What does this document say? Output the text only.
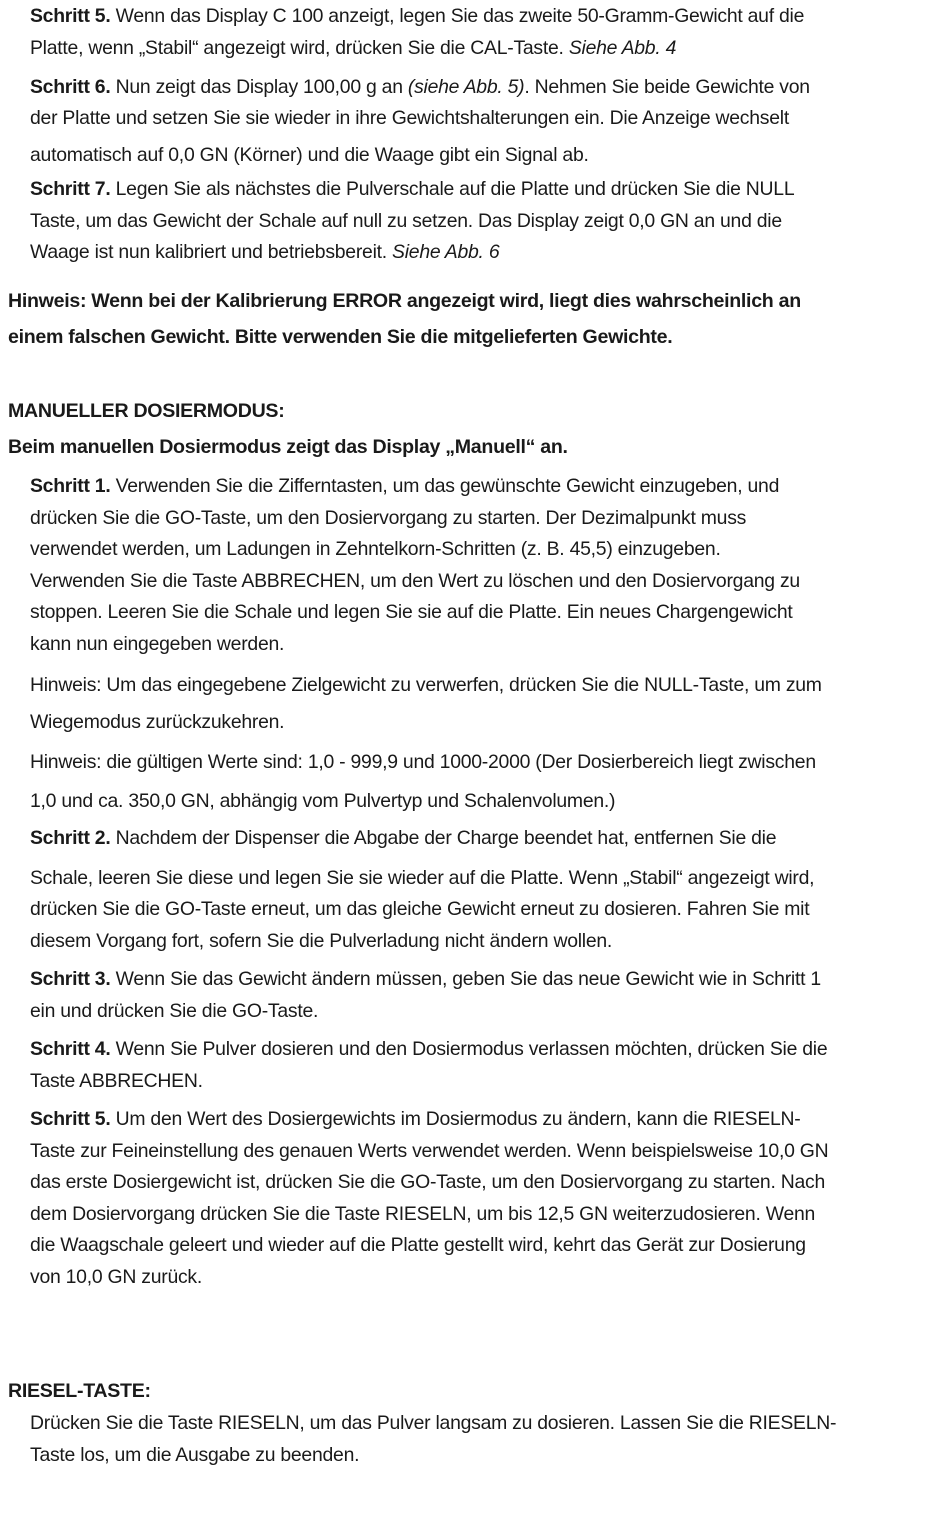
Schritt 5. Wenn das Display C 100 anzeigt, legen Sie das zweite 50-Gramm-Gewicht auf die
Platte, wenn „Stabil“ angezeigt wird, drücken Sie die CAL-Taste. Siehe Abb. 4

Schritt 6. Nun zeigt das Display 100,00 g an (siehe Abb. 5). Nehmen Sie beide Gewichte von
der Platte und setzen Sie sie wieder in ihre Gewichtshalterungen ein. Die Anzeige wechselt
automatisch auf 0,0 GN (Körner) und die Waage gibt ein Signal ab.

Schritt 7. Legen Sie als nächstes die Pulverschale auf die Platte und drücken Sie die NULL
Taste, um das Gewicht der Schale auf null zu setzen. Das Display zeigt 0,0 GN an und die
Waage ist nun kalibriert und betriebsbereit. Siehe Abb. 6

Hinweis: Wenn bei der Kalibrierung ERROR angezeigt wird, liegt dies wahrscheinlich an
einem falschen Gewicht. Bitte verwenden Sie die mitgelieferten Gewichte.

MANUELLER DOSIERMODUS:

Beim manuellen Dosiermodus zeigt das Display „Manuell“ an.

Schritt 1. Verwenden Sie die Zifferntasten, um das gewünschte Gewicht einzugeben, und
drücken Sie die GO-Taste, um den Dosiervorgang zu starten. Der Dezimalpunkt muss
verwendet werden, um Ladungen in Zehntelkorn-Schritten (z. B. 45,5) einzugeben.
Verwenden Sie die Taste ABBRECHEN, um den Wert zu löschen und den Dosiervorgang zu
stoppen. Leeren Sie die Schale und legen Sie sie auf die Platte. Ein neues Chargengewicht
kann nun eingegeben werden.

Hinweis: Um das eingegebene Zielgewicht zu verwerfen, drücken Sie die NULL-Taste, um zum
Wiegemodus zurückzukehren.

Hinweis: die gültigen Werte sind: 1,0 - 999,9 und 1000-2000 (Der Dosierbereich liegt zwischen
1,0 und ca. 350,0 GN, abhängig vom Pulvertyp und Schalenvolumen.)

Schritt 2. Nachdem der Dispenser die Abgabe der Charge beendet hat, entfernen Sie die
Schale, leeren Sie diese und legen Sie sie wieder auf die Platte. Wenn „Stabil“ angezeigt wird,
drücken Sie die GO-Taste erneut, um das gleiche Gewicht erneut zu dosieren. Fahren Sie mit
diesem Vorgang fort, sofern Sie die Pulverladung nicht ändern wollen.

Schritt 3. Wenn Sie das Gewicht ändern müssen, geben Sie das neue Gewicht wie in Schritt 1
ein und drücken Sie die GO-Taste.

Schritt 4. Wenn Sie Pulver dosieren und den Dosiermodus verlassen möchten, drücken Sie die
Taste ABBRECHEN.

Schritt 5. Um den Wert des Dosiergewichts im Dosiermodus zu ändern, kann die RIESELN-
Taste zur Feineinstellung des genauen Werts verwendet werden. Wenn beispielsweise 10,0 GN
das erste Dosiergewicht ist, drücken Sie die GO-Taste, um den Dosiervorgang zu starten. Nach
dem Dosiervorgang drücken Sie die Taste RIESELN, um bis 12,5 GN weiterzudosieren. Wenn
die Waagschale geleert und wieder auf die Platte gestellt wird, kehrt das Gerät zur Dosierung
von 10,0 GN zurück.

RIESEL-TASTE:

Drücken Sie die Taste RIESELN, um das Pulver langsam zu dosieren. Lassen Sie die RIESELN-
Taste los, um die Ausgabe zu beenden.
